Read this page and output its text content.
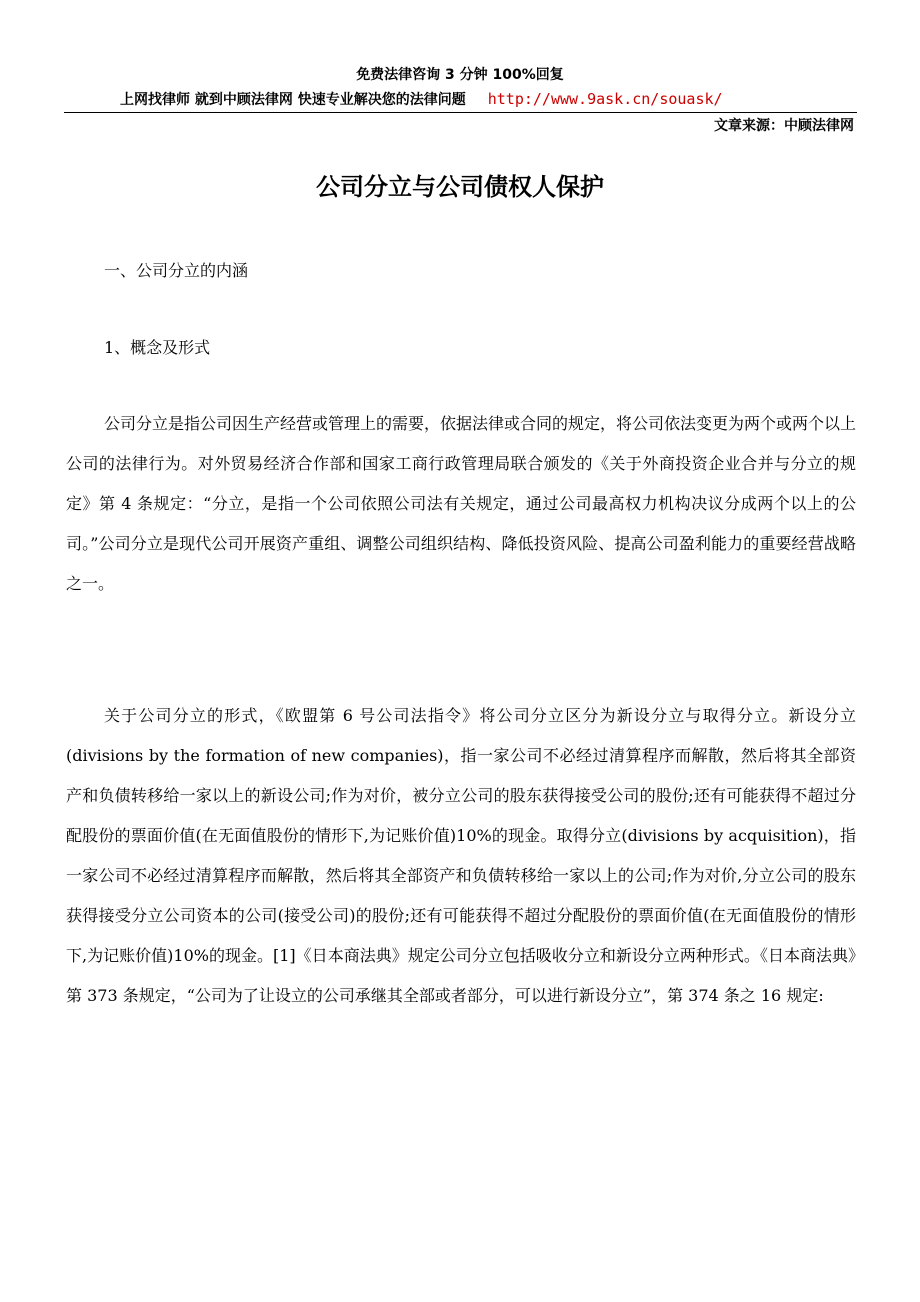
免费法律咨询 3 分钟 100%回复
上网找律师 就到中顾法律网 快速专业解决您的法律问题 http://www.9ask.cn/souask/
文章来源：中顾法律网
公司分立与公司债权人保护
一、公司分立的内涵
1、概念及形式
公司分立是指公司因生产经营或管理上的需要，依据法律或合同的规定，将公司依法变更为两个或两个以上公司的法律行为。对外贸易经济合作部和国家工商行政管理局联合颁发的《关于外商投资企业合并与分立的规定》第 4 条规定：“分立，是指一个公司依照公司法有关规定，通过公司最高权力机构决议分成两个以上的公司。”公司分立是现代公司开展资产重组、调整公司组织结构、降低投资风险、提高公司盈利能力的重要经营战略之一。
关于公司分立的形式，《欧盟第 6 号公司法指令》将公司分立区分为新设分立与取得分立。新设分立(divisions by the formation of new companies)，指一家公司不必经过清算程序而解散，然后将其全部资产和负债转移给一家以上的新设公司;作为对价，被分立公司的股东获得接受公司的股份;还有可能获得不超过分配股份的票面价值(在无面值股份的情形下,为记账价值)10%的现金。取得分立(divisions by acquisition)，指一家公司不必经过清算程序而解散，然后将其全部资产和负债转移给一家以上的公司;作为对价,分立公司的股东获得接受分立公司资本的公司(接受公司)的股份;还有可能获得不超过分配股份的票面价值(在无面值股份的情形下,为记账价值)10%的现金。[1]《日本商法典》规定公司分立包括吸收分立和新设分立两种形式。《日本商法典》第 373 条规定，“公司为了让设立的公司承继其全部或者部分，可以进行新设分立”，第 374 条之 16 规定:
